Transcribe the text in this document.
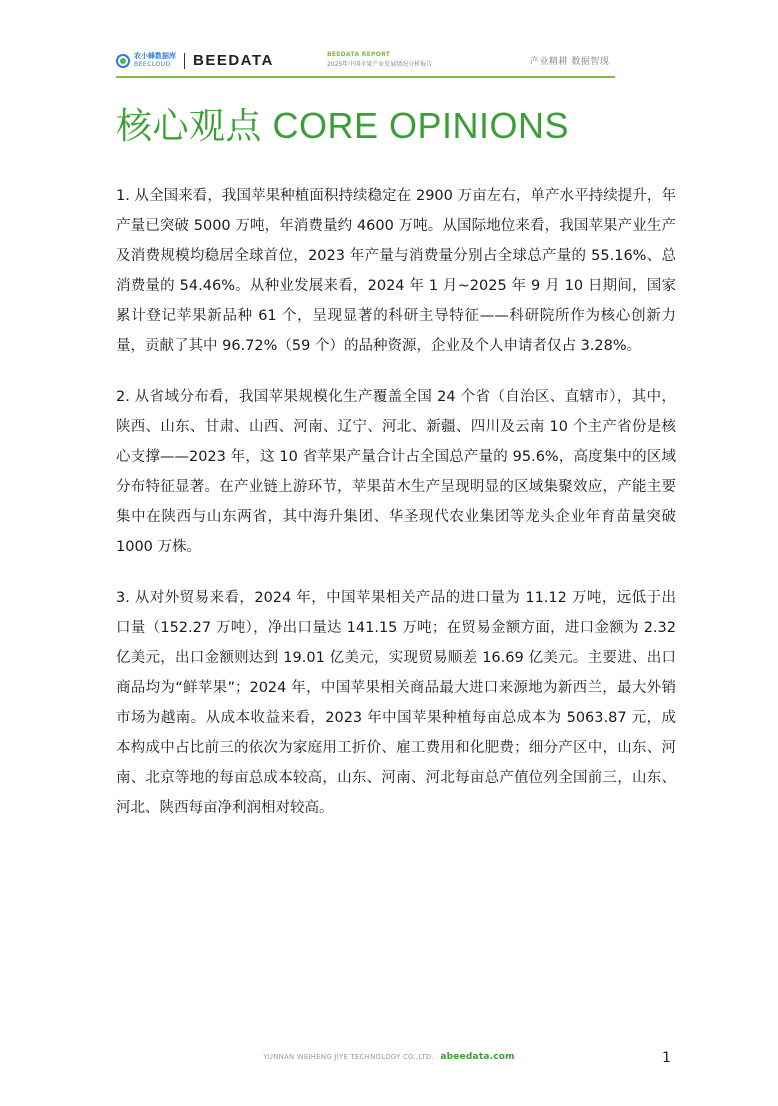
农小蜂数据库
BEECLOUD	BEEDATA	BEEDATA REPORT
2025年中国苹果产业发展情况分析报告	产业精耕 数据智现
核心观点 CORE OPINIONS

1. 从全国来看，我国苹果种植面积持续稳定在 2900 万亩左右，单产水平持续提升，年产量已突破 5000 万吨，年消费量约 4600 万吨。从国际地位来看，我国苹果产业生产及消费规模均稳居全球首位，2023 年产量与消费量分别占全球总产量的 55.16%、总消费量的 54.46%。从种业发展来看，2024 年 1 月~2025 年 9 月 10 日期间，国家累计登记苹果新品种 61 个，呈现显著的科研主导特征——科研院所作为核心创新力量，贡献了其中 96.72%（59 个）的品种资源，企业及个人申请者仅占 3.28%。

2. 从省域分布看，我国苹果规模化生产覆盖全国 24 个省（自治区、直辖市），其中，陕西、山东、甘肃、山西、河南、辽宁、河北、新疆、四川及云南 10 个主产省份是核心支撑——2023 年，这 10 省苹果产量合计占全国总产量的 95.6%，高度集中的区域分布特征显著。在产业链上游环节，苹果苗木生产呈现明显的区域集聚效应，产能主要集中在陕西与山东两省，其中海升集团、华圣现代农业集团等龙头企业年育苗量突破 1000 万株。

3. 从对外贸易来看，2024 年，中国苹果相关产品的进口量为 11.12 万吨，远低于出口量（152.27 万吨），净出口量达 141.15 万吨；在贸易金额方面，进口金额为 2.32 亿美元，出口金额则达到 19.01 亿美元，实现贸易顺差 16.69 亿美元。主要进、出口商品均为“鲜苹果”；2024 年，中国苹果相关商品最大进口来源地为新西兰，最大外销市场为越南。从成本收益来看，2023 年中国苹果种植每亩总成本为 5063.87 元，成本构成中占比前三的依次为家庭用工折价、雇工费用和化肥费；细分产区中，山东、河南、北京等地的每亩总成本较高，山东、河南、河北每亩总产值位列全国前三，山东、河北、陕西每亩净利润相对较高。

YUNNAN WEIHENG JIYE TECHNOLOGY CO.,LTD. abeedata.com	1
